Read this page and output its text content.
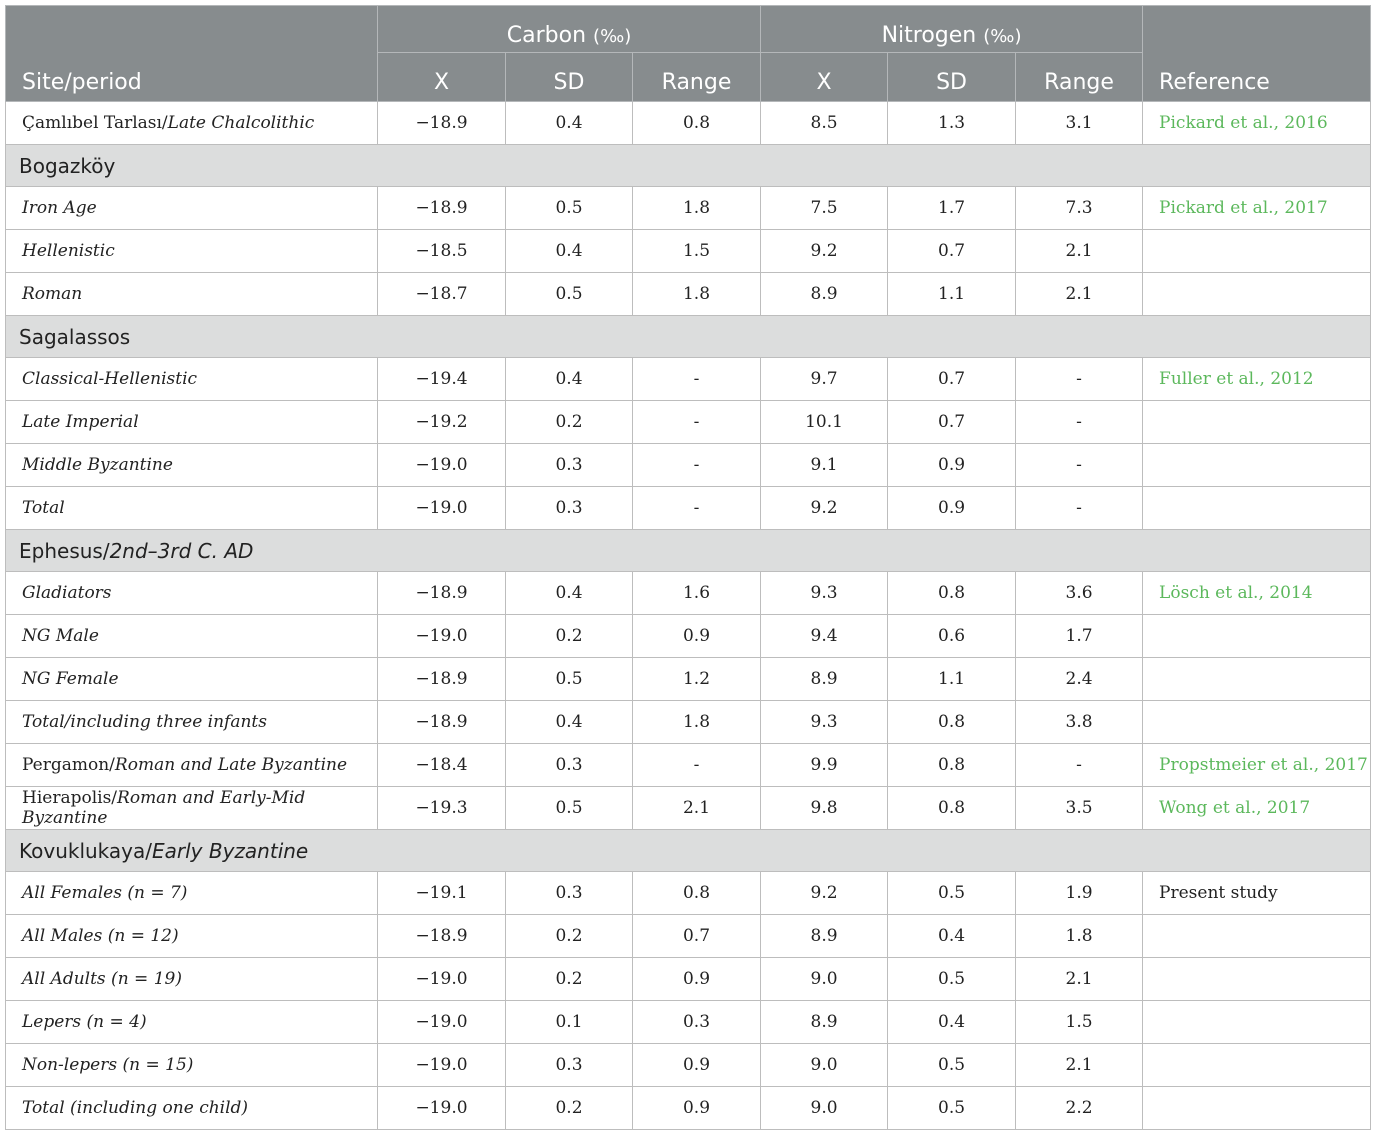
Site/period	Carbon (‰)			Nitrogen (‰)			Reference
	X	SD	Range	X	SD	Range	
Çamlıbel Tarlası/Late Chalcolithic	−18.9	0.4	0.8	8.5	1.3	3.1	Pickard et al., 2016
Bogazköy							
Iron Age	−18.9	0.5	1.8	7.5	1.7	7.3	Pickard et al., 2017
Hellenistic	−18.5	0.4	1.5	9.2	0.7	2.1	
Roman	−18.7	0.5	1.8	8.9	1.1	2.1	
Sagalassos							
Classical-Hellenistic	−19.4	0.4	-	9.7	0.7	-	Fuller et al., 2012
Late Imperial	−19.2	0.2	-	10.1	0.7	-	
Middle Byzantine	−19.0	0.3	-	9.1	0.9	-	
Total	−19.0	0.3	-	9.2	0.9	-	
Ephesus/2nd–3rd C. AD							
Gladiators	−18.9	0.4	1.6	9.3	0.8	3.6	Lösch et al., 2014
NG Male	−19.0	0.2	0.9	9.4	0.6	1.7	
NG Female	−18.9	0.5	1.2	8.9	1.1	2.4	
Total/including three infants	−18.9	0.4	1.8	9.3	0.8	3.8	
Pergamon/Roman and Late Byzantine	−18.4	0.3	-	9.9	0.8	-	Propstmeier et al., 2017
Hierapolis/Roman and Early-Mid Byzantine	−19.3	0.5	2.1	9.8	0.8	3.5	Wong et al., 2017
Kovuklukaya/Early Byzantine							
All Females (n = 7)	−19.1	0.3	0.8	9.2	0.5	1.9	Present study
All Males (n = 12)	−18.9	0.2	0.7	8.9	0.4	1.8	
All Adults (n = 19)	−19.0	0.2	0.9	9.0	0.5	2.1	
Lepers (n = 4)	−19.0	0.1	0.3	8.9	0.4	1.5	
Non-lepers (n = 15)	−19.0	0.3	0.9	9.0	0.5	2.1	
Total (including one child)	−19.0	0.2	0.9	9.0	0.5	2.2	
